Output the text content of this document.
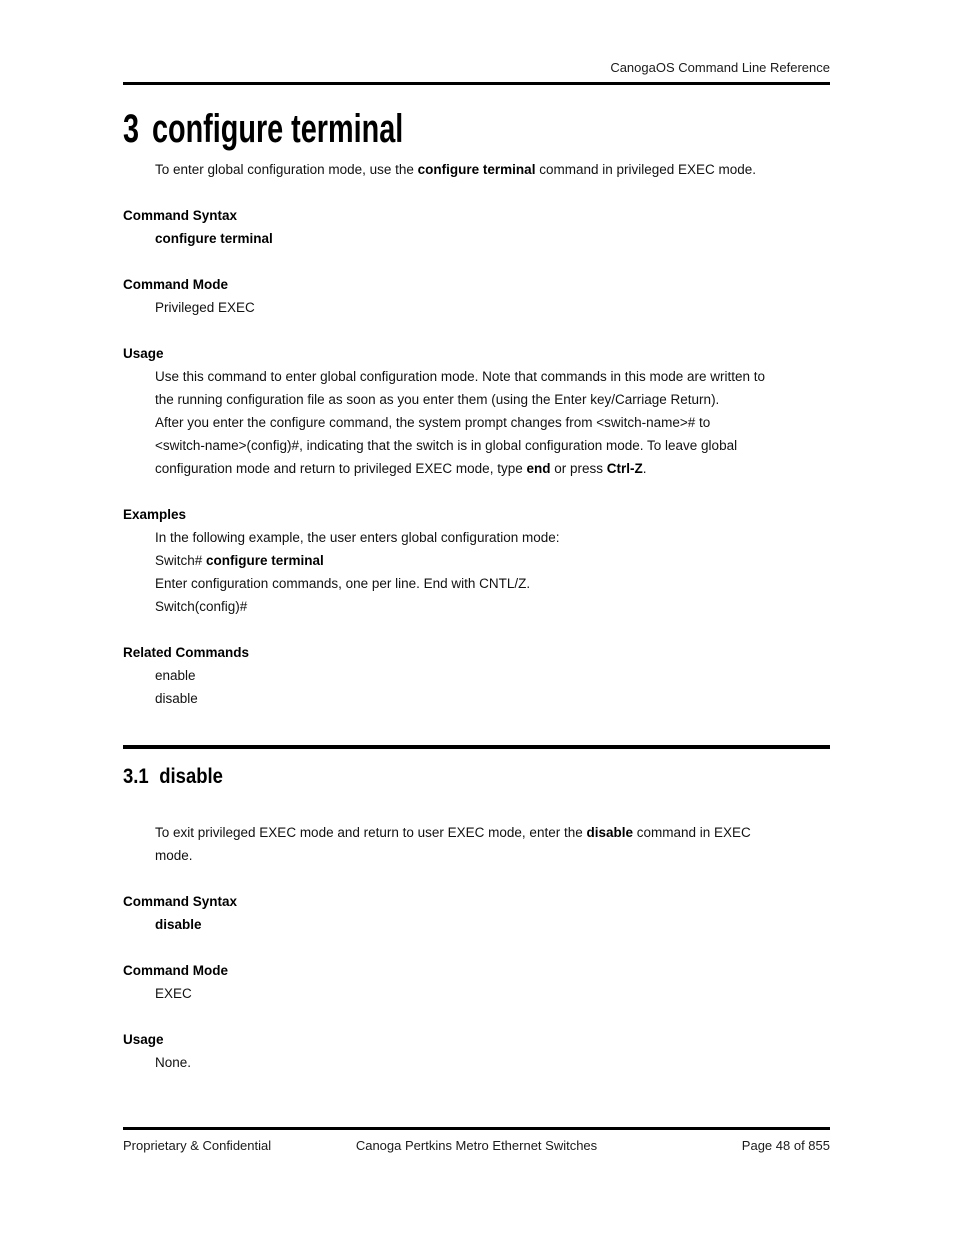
CanogaOS Command Line Reference
3 configure terminal
To enter global configuration mode, use the configure terminal command in privileged EXEC mode.
Command Syntax
configure terminal
Command Mode
Privileged EXEC
Usage
Use this command to enter global configuration mode. Note that commands in this mode are written to
the running configuration file as soon as you enter them (using the Enter key/Carriage Return).
After you enter the configure command, the system prompt changes from <switch-name># to
<switch-name>(config)#, indicating that the switch is in global configuration mode. To leave global
configuration mode and return to privileged EXEC mode, type end or press Ctrl-Z.
Examples
In the following example, the user enters global configuration mode:
Switch# configure terminal
Enter configuration commands, one per line. End with CNTL/Z.
Switch(config)#
Related Commands
enable
disable
3.1 disable
To exit privileged EXEC mode and return to user EXEC mode, enter the disable command in EXEC
mode.
Command Syntax
disable
Command Mode
EXEC
Usage
None.
Proprietary & Confidential	Canoga Pertkins Metro Ethernet Switches	Page 48 of 855
